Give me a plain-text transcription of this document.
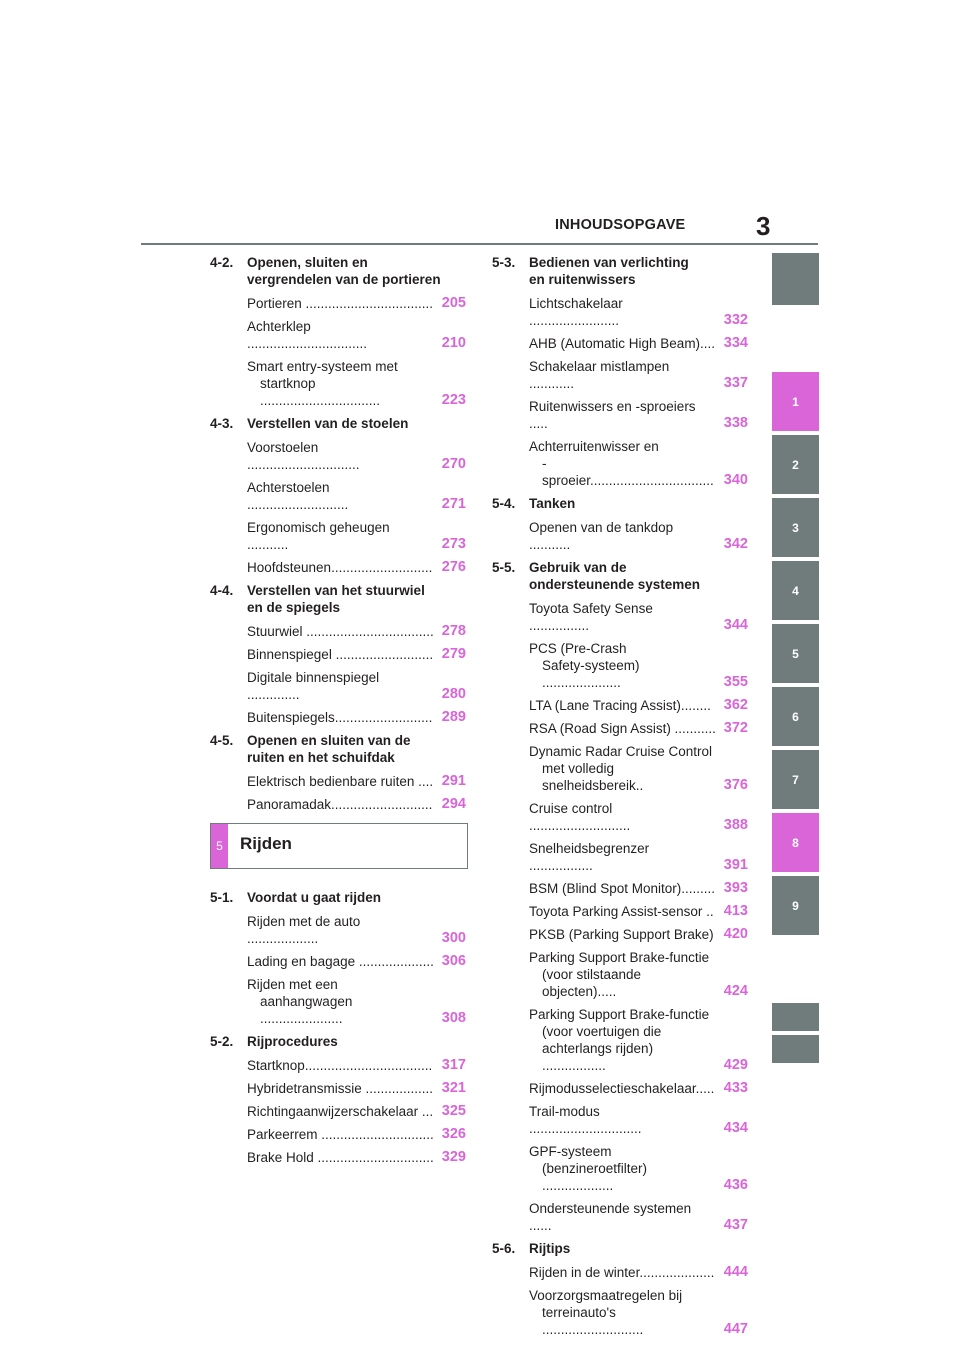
INHOUDSOPGAVE	3
1
2
3
4
5
6
7
8
9
4-2. Openen, sluiten en
vergrendelen van de portieren
Portieren .................................. 205
Achterklep ................................	210
Smart entry-systeem met
startknop ................................	223
4-3. Verstellen van de stoelen
Voorstoelen ..............................	270
Achterstoelen ...........................	271
Ergonomisch geheugen ...........	273
Hoofdsteunen........................... 276
4-4. Verstellen van het stuurwiel
en de spiegels
Stuurwiel .................................. 278
Binnenspiegel .......................... 279
Digitale binnenspiegel ..............	280
Buitenspiegels.......................... 289
4-5. Openen en sluiten van de
ruiten en het schuifdak
Elektrisch bedienbare ruiten .... 291
Panoramadak........................... 294
5	Rijden
5-1. Voordat u gaat rijden
Rijden met de auto ...................	300
Lading en bagage .................... 306
Rijden met een
aanhangwagen ......................	308
5-2. Rijprocedures
Startknop.................................. 317
Hybridetransmissie .................. 321
Richtingaanwijzerschakelaar ... 325
Parkeerrem .............................. 326
Brake Hold ............................... 329
5-3. Bedienen van verlichting
en ruitenwissers
Lichtschakelaar ........................	332
AHB (Automatic High Beam).... 334
Schakelaar mistlampen ............	337
Ruitenwissers en -sproeiers .....	338
Achterruitenwisser en
-sproeier................................. 340
5-4. Tanken
Openen van de tankdop ...........	342
5-5. Gebruik van de
ondersteunende systemen
Toyota Safety Sense ................	344
PCS (Pre-Crash
Safety-systeem) .....................	355
LTA (Lane Tracing Assist)........ 362
RSA (Road Sign Assist) ........... 372
Dynamic Radar Cruise Control
met volledig snelheidsbereik..	376
Cruise control ...........................	388
Snelheidsbegrenzer .................	391
BSM (Blind Spot Monitor)......... 393
Toyota Parking Assist-sensor .. 413
PKSB (Parking Support Brake) 420
Parking Support Brake-functie
(voor stilstaande objecten).....	424
Parking Support Brake-functie
(voor voertuigen die
achterlangs rijden) .................	429
Rijmodusselectieschakelaar..... 433
Trail-modus ..............................	434
GPF-systeem
(benzineroetfilter) ...................	436
Ondersteunende systemen ......	437
5-6. Rijtips
Rijden in de winter.................... 444
Voorzorgsmaatregelen bij
terreinauto's ...........................	447
